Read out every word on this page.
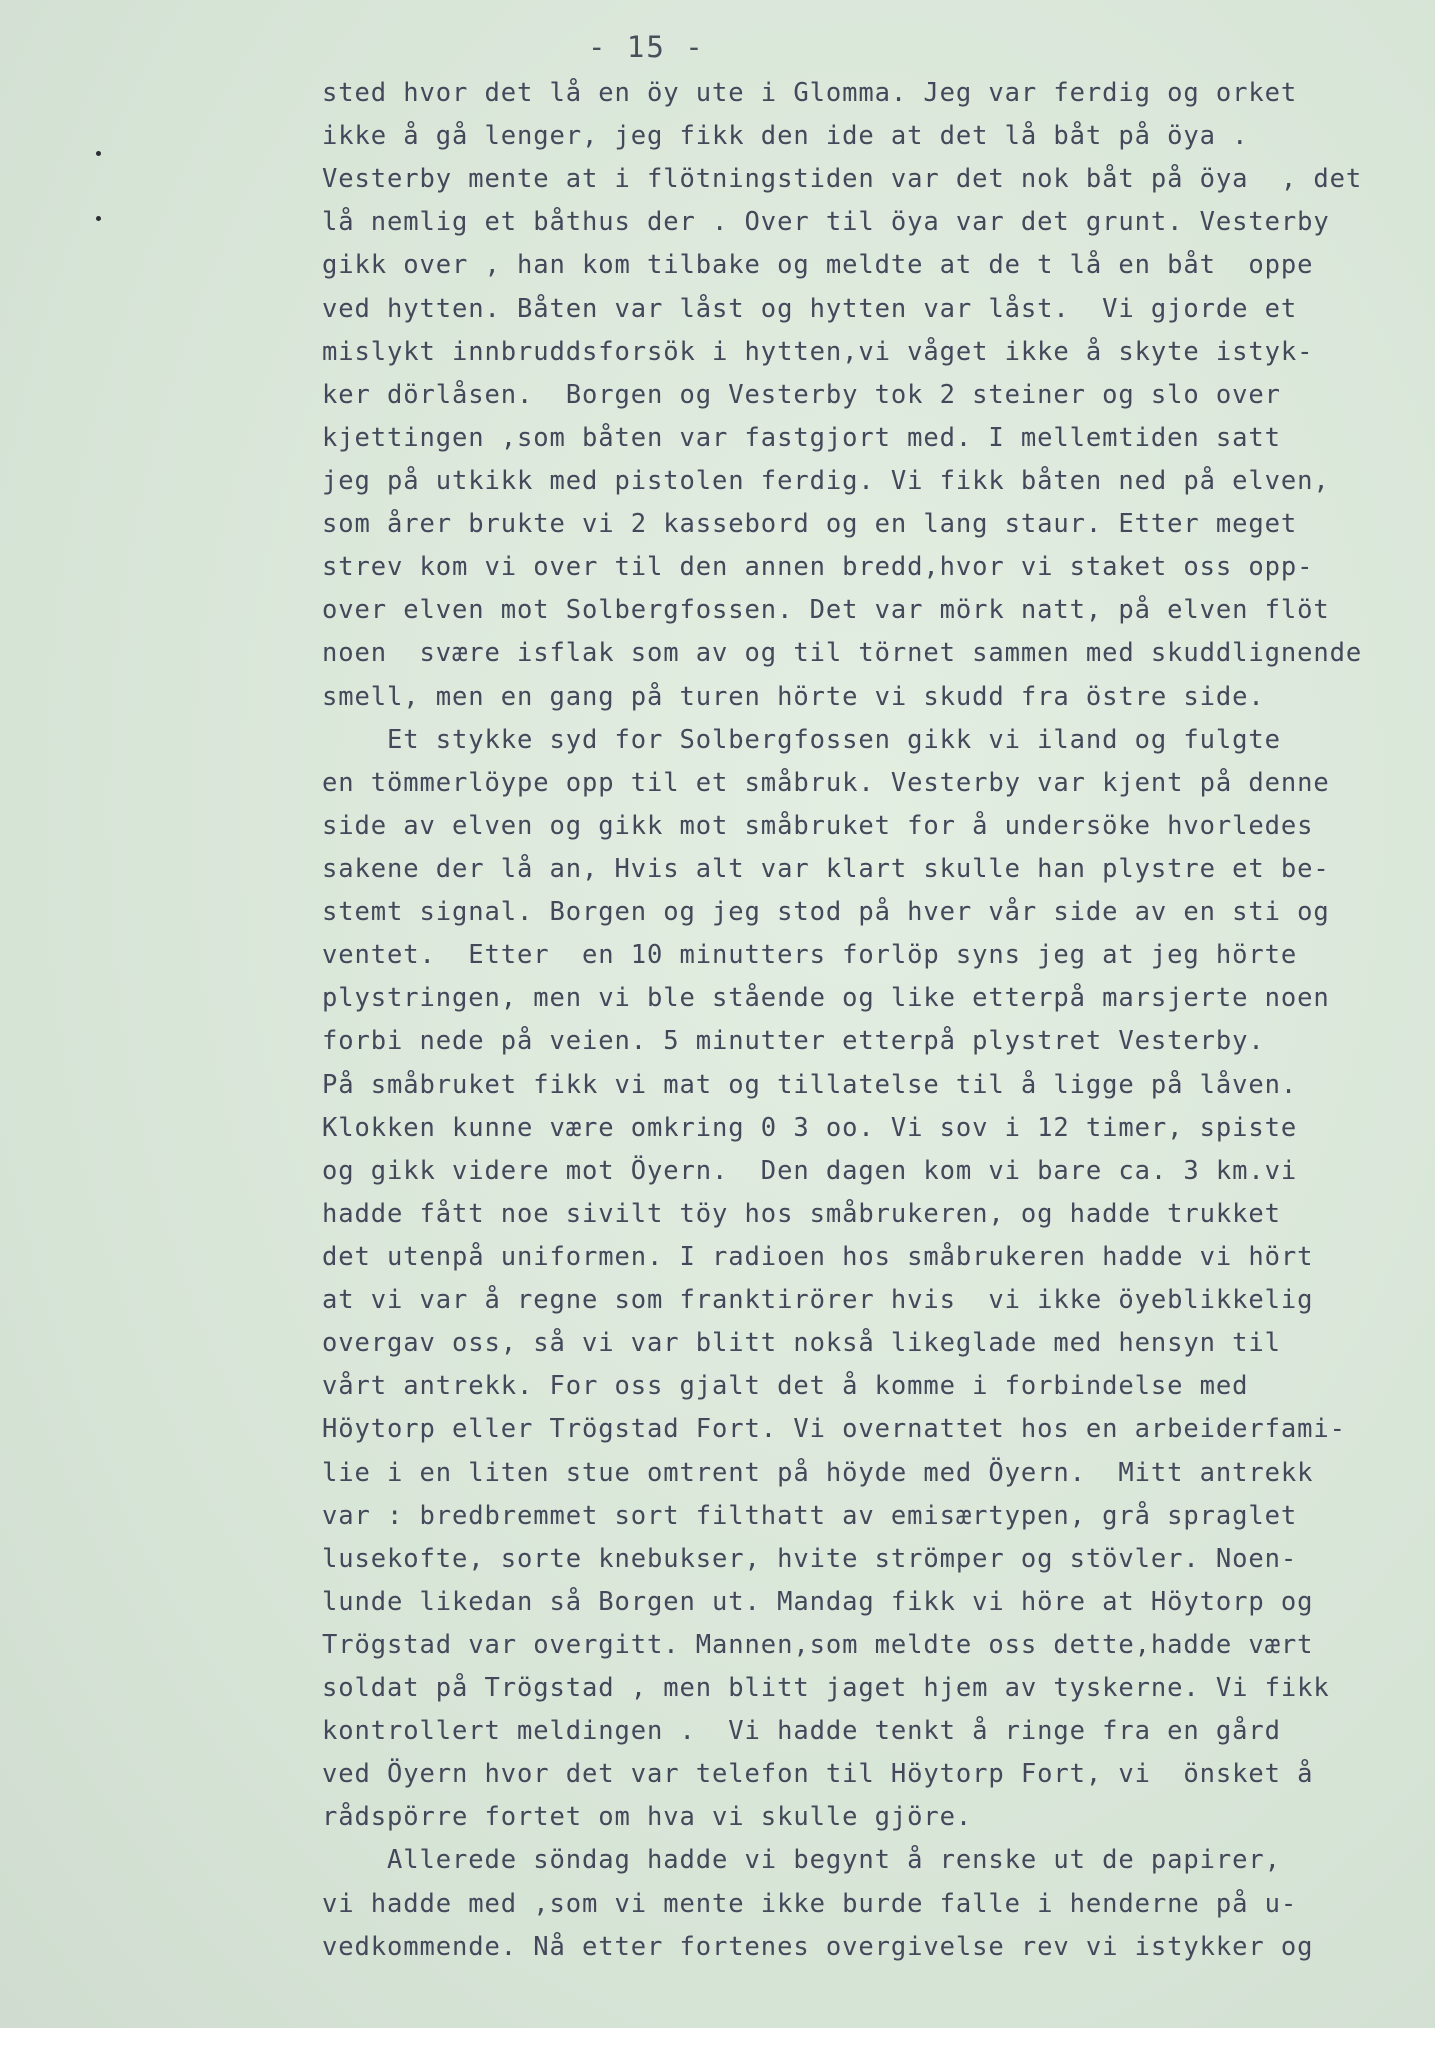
- 15 -
sted hvor det lå en öy ute i Glomma. Jeg var ferdig og orket
ikke å gå lenger, jeg fikk den ide at det lå båt på öya .
Vesterby mente at i flötningstiden var det nok båt på öya  , det
lå nemlig et båthus der . Over til öya var det grunt. Vesterby
gikk over , han kom tilbake og meldte at de t lå en båt  oppe
ved hytten. Båten var låst og hytten var låst.  Vi gjorde et
mislykt innbruddsforsök i hytten,vi våget ikke å skyte istyk-
ker dörlåsen.  Borgen og Vesterby tok 2 steiner og slo over
kjettingen ,som båten var fastgjort med. I mellemtiden satt
jeg på utkikk med pistolen ferdig. Vi fikk båten ned på elven,
som årer brukte vi 2 kassebord og en lang staur. Etter meget
strev kom vi over til den annen bredd,hvor vi staket oss opp-
over elven mot Solbergfossen. Det var mörk natt, på elven flöt
noen  svære isflak som av og til törnet sammen med skuddlignende
smell, men en gang på turen hörte vi skudd fra östre side.
Et stykke syd for Solbergfossen gikk vi iland og fulgte
en tömmerlöype opp til et småbruk. Vesterby var kjent på denne
side av elven og gikk mot småbruket for å undersöke hvorledes
sakene der lå an, Hvis alt var klart skulle han plystre et be-
stemt signal. Borgen og jeg stod på hver vår side av en sti og
ventet.  Etter  en 10 minutters forlöp syns jeg at jeg hörte
plystringen, men vi ble stående og like etterpå marsjerte noen
forbi nede på veien. 5 minutter etterpå plystret Vesterby.
På småbruket fikk vi mat og tillatelse til å ligge på låven.
Klokken kunne være omkring 0 3 oo. Vi sov i 12 timer, spiste
og gikk videre mot Öyern.  Den dagen kom vi bare ca. 3 km.vi
hadde fått noe sivilt töy hos småbrukeren, og hadde trukket
det utenpå uniformen. I radioen hos småbrukeren hadde vi hört
at vi var å regne som franktirörer hvis  vi ikke öyeblikkelig
overgav oss, så vi var blitt nokså likeglade med hensyn til
vårt antrekk. For oss gjalt det å komme i forbindelse med
Höytorp eller Trögstad Fort. Vi overnattet hos en arbeiderfami-
lie i en liten stue omtrent på höyde med Öyern.  Mitt antrekk
var : bredbremmet sort filthatt av emisærtypen, grå spraglet
lusekofte, sorte knebukser, hvite strömper og stövler. Noen-
lunde likedan så Borgen ut. Mandag fikk vi höre at Höytorp og
Trögstad var overgitt. Mannen,som meldte oss dette,hadde vært
soldat på Trögstad , men blitt jaget hjem av tyskerne. Vi fikk
kontrollert meldingen .  Vi hadde tenkt å ringe fra en gård
ved Öyern hvor det var telefon til Höytorp Fort, vi  önsket å
rådspörre fortet om hva vi skulle gjöre.
Allerede söndag hadde vi begynt å renske ut de papirer,
vi hadde med ,som vi mente ikke burde falle i henderne på u-
vedkommende. Nå etter fortenes overgivelse rev vi istykker og
